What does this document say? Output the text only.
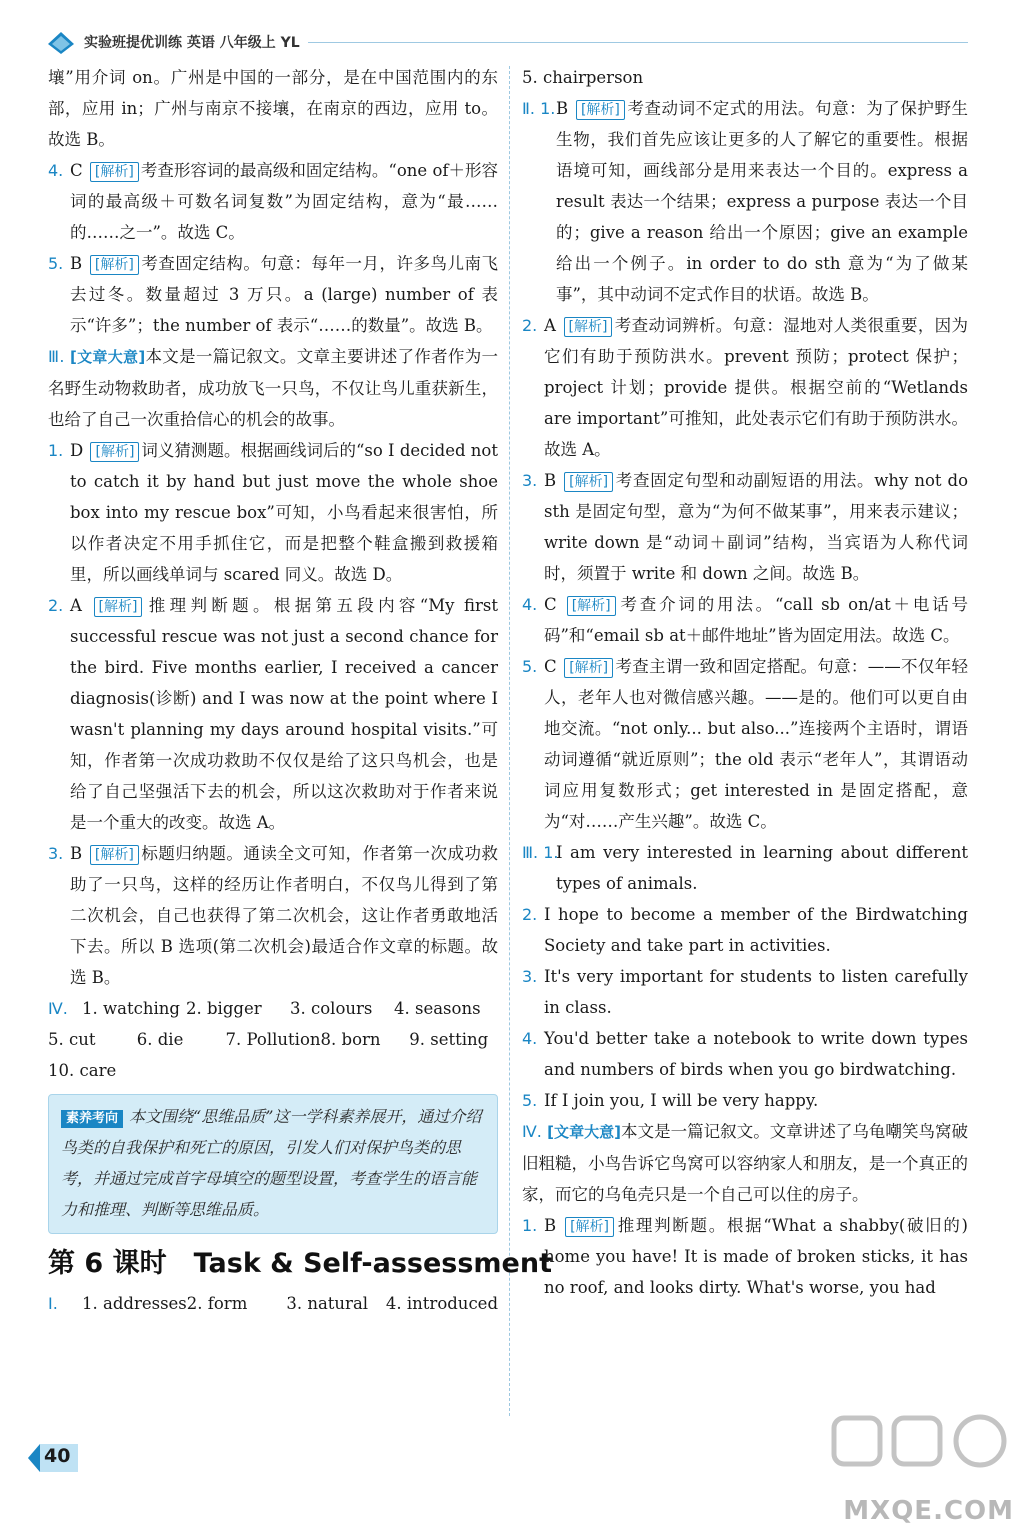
实验班提优训练 英语 八年级上 YL

壤”用介词 on。广州是中国的一部分，是在中国范围内的东部，应用 in；广州与南京不接壤，在南京的西边，应用 to。故选 B。

4. C [解析] 考查形容词的最高级和固定结构。“one of＋形容词的最高级＋可数名词复数”为固定结构，意为“最……的……之一”。故选 C。

5. B [解析] 考查固定结构。句意：每年一月，许多鸟儿南飞去过冬。数量超过 3 万只。a (large) number of 表示“许多”；the number of 表示“……的数量”。故选 B。

Ⅲ. [文章大意]本文是一篇记叙文。文章主要讲述了作者作为一名野生动物救助者，成功放飞一只鸟，不仅让鸟儿重获新生，也给了自己一次重拾信心的机会的故事。

1. D [解析] 词义猜测题。根据画线词后的“so I decided not to catch it by hand but just move the whole shoe box into my rescue box”可知，小鸟看起来很害怕，所以作者决定不用手抓住它，而是把整个鞋盒搬到救援箱里，所以画线单词与 scared 同义。故选 D。

2. A [解析] 推理判断题。根据第五段内容“My first successful rescue was not just a second chance for the bird. Five months earlier, I received a cancer diagnosis(诊断) and I was now at the point where I wasn't planning my days around hospital visits.”可知，作者第一次成功救助不仅仅是给了这只鸟机会，也是给了自己坚强活下去的机会，所以这次救助对于作者来说是一个重大的改变。故选 A。

3. B [解析] 标题归纳题。通读全文可知，作者第一次成功救助了一只鸟，这样的经历让作者明白，不仅鸟儿得到了第二次机会，自己也获得了第二次机会，这让作者勇敢地活下去。所以 B 选项(第二次机会)最适合作文章的标题。故选 B。

Ⅳ. 1. watching 2. bigger	3. colours	4. seasons
5. cut	6. die	7. Pollution 8. born	9. setting
10. care
素养考向 本文围绕“思维品质”这一学科素养展开，通过介绍鸟类的自我保护和死亡的原因，引发人们对保护鸟类的思考，并通过完成首字母填空的题型设置，考查学生的语言能力和推理、判断等思维品质。
第 6 课时　Task & Self-assessment
Ⅰ.	1. addresses 2. form	3. natural	4. introduced

5. chairperson

Ⅱ. 1. B [解析] 考查动词不定式的用法。句意：为了保护野生生物，我们首先应该让更多的人了解它的重要性。根据语境可知，画线部分是用来表达一个目的。express a result 表达一个结果；express a purpose 表达一个目的；give a reason 给出一个原因；give an example 给出一个例子。in order to do sth 意为“为了做某事”，其中动词不定式作目的状语。故选 B。

2. A [解析] 考查动词辨析。句意：湿地对人类很重要，因为它们有助于预防洪水。prevent 预防；protect 保护；project 计划；provide 提供。根据空前的“Wetlands are important”可推知，此处表示它们有助于预防洪水。故选 A。

3. B [解析] 考查固定句型和动副短语的用法。why not do sth 是固定句型，意为“为何不做某事”，用来表示建议；write down 是“动词＋副词”结构，当宾语为人称代词时，须置于 write 和 down 之间。故选 B。

4. C [解析] 考查介词的用法。“call sb on/at＋电话号码”和“email sb at＋邮件地址”皆为固定用法。故选 C。

5. C [解析] 考查主谓一致和固定搭配。句意：——不仅年轻人，老年人也对微信感兴趣。——是的。他们可以更自由地交流。“not only... but also...”连接两个主语时，谓语动词遵循“就近原则”；the old 表示“老年人”，其谓语动词应用复数形式；get interested in 是固定搭配，意为“对……产生兴趣”。故选 C。

Ⅲ. 1.
I am very interested in learning about different types of animals.

2. I hope to become a member of the Birdwatching Society and take part in activities.

3. It's very important for students to listen carefully in class.

4. You'd better take a notebook to write down types and numbers of birds when you go birdwatching.

5. If I join you, I will be very happy.

Ⅳ. [文章大意]本文是一篇记叙文。文章讲述了乌龟嘲笑鸟窝破旧粗糙，小鸟告诉它鸟窝可以容纳家人和朋友，是一个真正的家，而它的乌龟壳只是一个自己可以住的房子。

1. B [解析] 推理判断题。根据“What a shabby(破旧的) home you have! It is made of broken sticks, it has no roof, and looks dirty. What's worse, you had

40
MXQE.COM
